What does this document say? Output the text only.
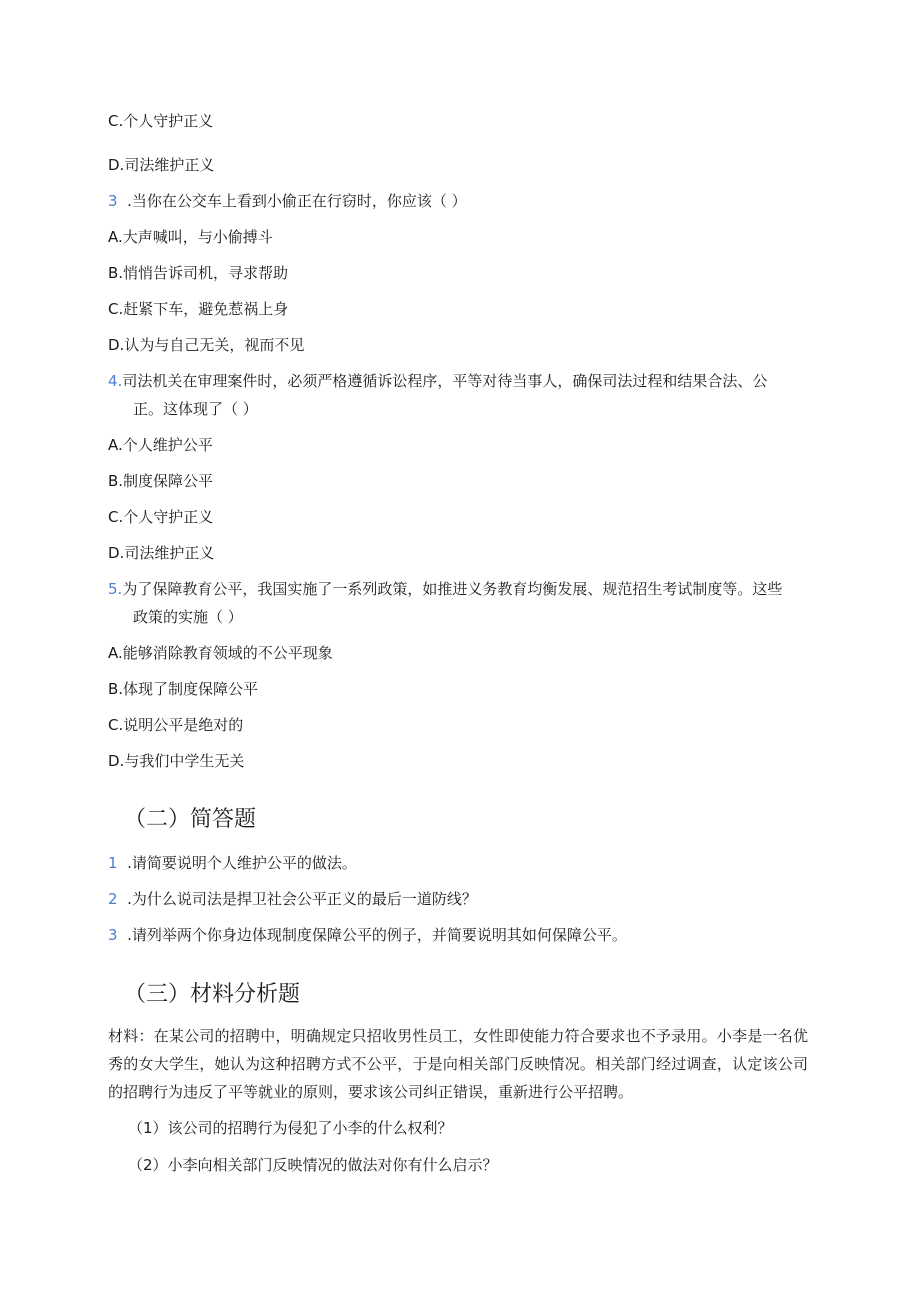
C.个人守护正义
D.司法维护正义
3  .当你在公交车上看到小偷正在行窃时，你应该（ ）
A.大声喊叫，与小偷搏斗
B.悄悄告诉司机，寻求帮助
C.赶紧下车，避免惹祸上身
D.认为与自己无关，视而不见
4.司法机关在审理案件时，必须严格遵循诉讼程序，平等对待当事人，确保司法过程和结果合法、公
正。这体现了（ ）
A.个人维护公平
B.制度保障公平
C.个人守护正义
D.司法维护正义
5.为了保障教育公平，我国实施了一系列政策，如推进义务教育均衡发展、规范招生考试制度等。这些
政策的实施（ ）
A.能够消除教育领域的不公平现象
B.体现了制度保障公平
C.说明公平是绝对的
D.与我们中学生无关
（二）简答题
1  .请简要说明个人维护公平的做法。
2  .为什么说司法是捍卫社会公平正义的最后一道防线？
3  .请列举两个你身边体现制度保障公平的例子，并简要说明其如何保障公平。
（三）材料分析题
材料：在某公司的招聘中，明确规定只招收男性员工，女性即使能力符合要求也不予录用。小李是一名优秀的女大学生，她认为这种招聘方式不公平，于是向相关部门反映情况。相关部门经过调查，认定该公司的招聘行为违反了平等就业的原则，要求该公司纠正错误，重新进行公平招聘。
（1）该公司的招聘行为侵犯了小李的什么权利？
（2）小李向相关部门反映情况的做法对你有什么启示？
